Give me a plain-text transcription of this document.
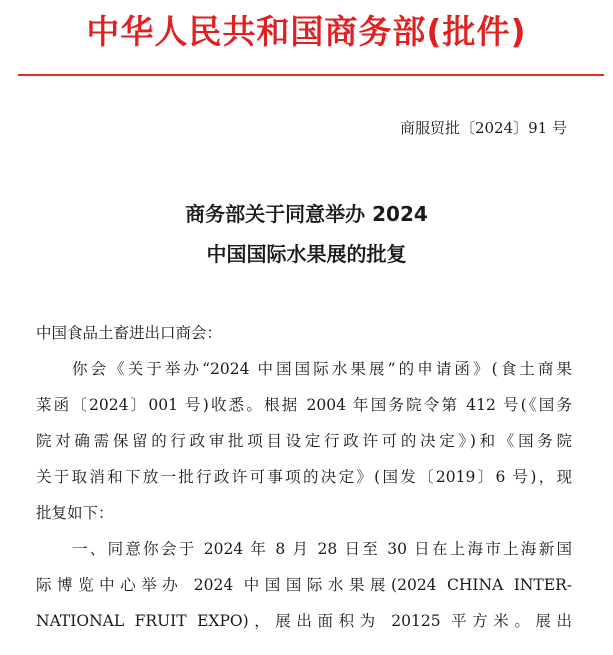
中华人民共和国商务部(批件)
商服贸批〔2024〕91 号
商务部关于同意举办 2024
中国国际水果展的批复
中国食品土畜进出口商会：
你会《关于举办“2024 中国国际水果展”的申请函》(食土商果
菜函〔2024〕001 号)收悉。根据 2004 年国务院令第 412 号(《国务
院对确需保留的行政审批项目设定行政许可的决定》)和《国务院
关于取消和下放一批行政许可事项的决定》(国发〔2019〕6 号)，现
批复如下：
一、同意你会于 2024 年 8 月 28 日至 30 日在上海市上海新国
际博览中心举办 2024 中国国际水果展(2024 CHINA INTER-
NATIONAL FRUIT EXPO)，展出面积为 20125 平方米。展出
